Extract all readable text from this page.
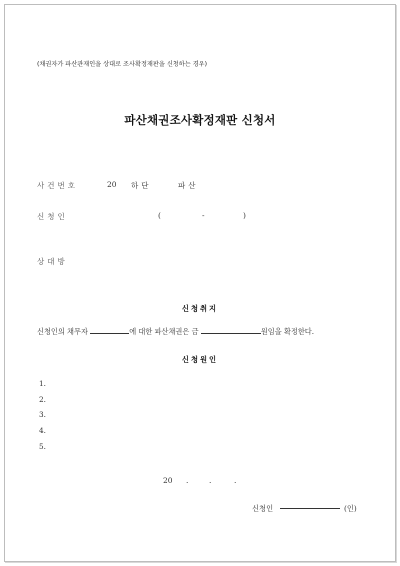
(채권자가 파산관재인을 상대로 조사확정재판을 신청하는 경우)
파산채권조사확정재판 신청서
사건번호	20 하단	파산
신청인	(	-	)
상대방
신청취지
신청인의 채무자	에 대한 파산채권은 금	원임을 확정한다.
신청원인
1.
2.
3.
4.
5.
20 .	.	.
신청인	(인)
